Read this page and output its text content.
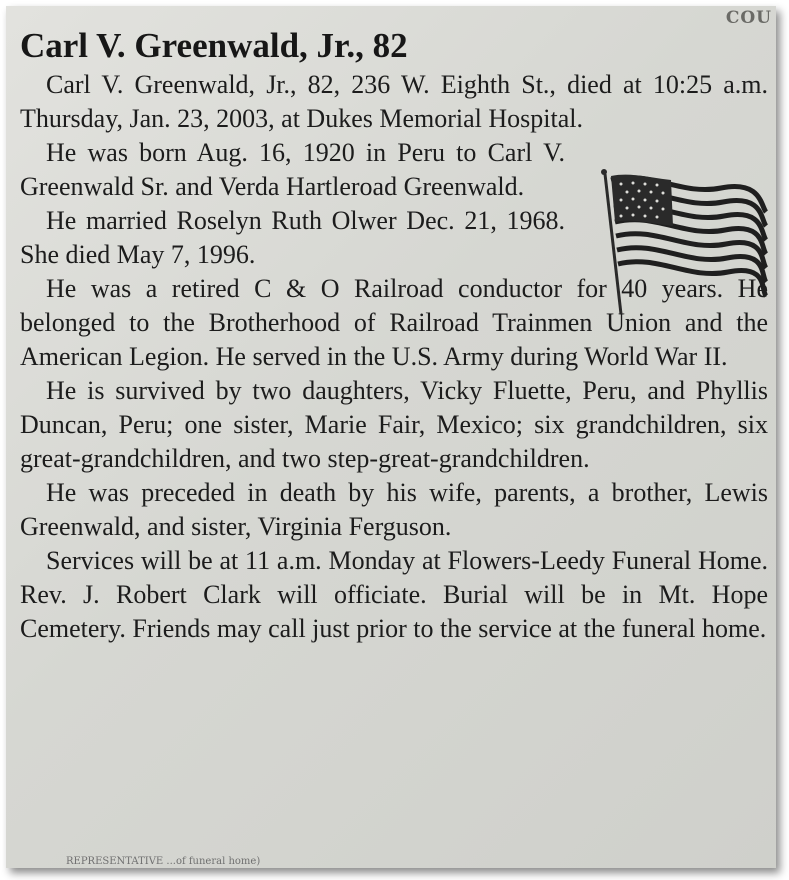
COU
Carl V. Greenwald, Jr., 82

Carl V. Greenwald, Jr., 82, 236 W. Eighth St., died at 10:25 a.m. Thursday, Jan. 23, 2003, at Dukes Memorial Hospital.

He was born Aug. 16, 1920 in Peru to Carl V. Greenwald Sr. and Verda Hartleroad Greenwald.

He married Roselyn Ruth Olwer Dec. 21, 1968. She died May 7, 1996.

He was a retired C & O Railroad conductor for 40 years. He belonged to the Brotherhood of Railroad Trainmen Union and the American Legion. He served in the U.S. Army during World War II.

He is survived by two daughters, Vicky Fluette, Peru, and Phyllis Duncan, Peru; one sister, Marie Fair, Mexico; six grandchildren, six great-grandchildren, and two step-great-grandchildren.

He was preceded in death by his wife, parents, a brother, Lewis Greenwald, and sister, Virginia Ferguson.

Services will be at 11 a.m. Monday at Flowers-Leedy Funeral Home. Rev. J. Robert Clark will officiate. Burial will be in Mt. Hope Cemetery. Friends may call just prior to the service at the funeral home.

REPRESENTATIVE ...of funeral home)
